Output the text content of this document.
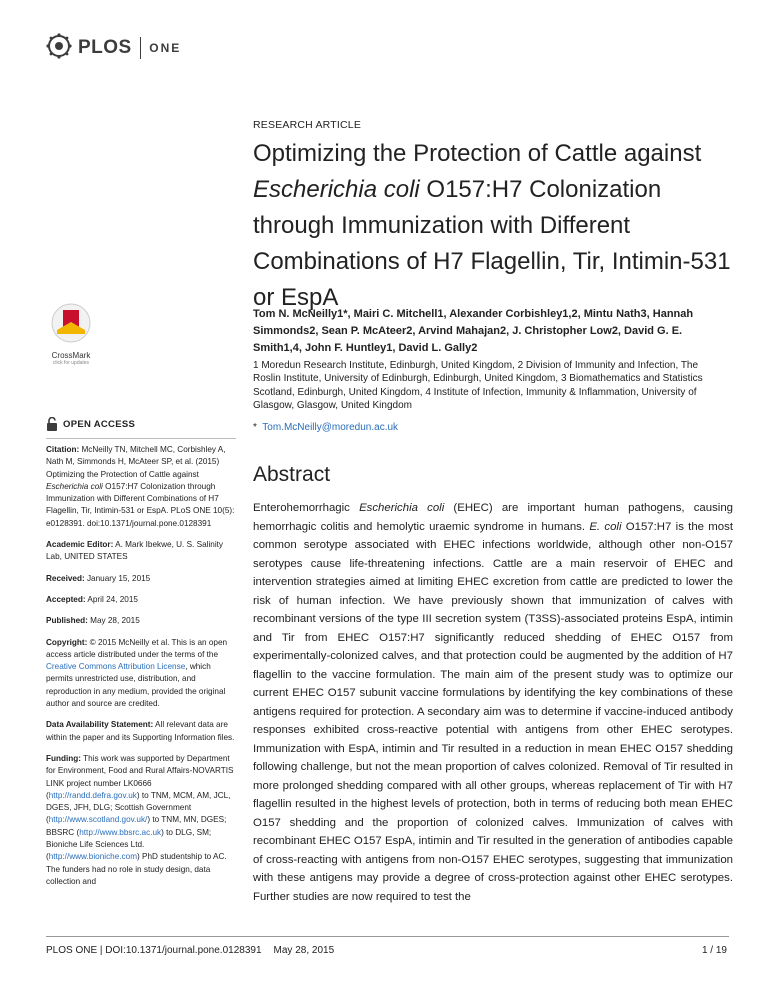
PLOS ONE
RESEARCH ARTICLE
Optimizing the Protection of Cattle against
Escherichia coli O157:H7 Colonization through Immunization with Different Combinations of H7 Flagellin, Tir, Intimin-531 or EspA
Tom N. McNeilly1*, Mairi C. Mitchell1, Alexander Corbishley1,2, Mintu Nath3, Hannah Simmonds2, Sean P. McAteer2, Arvind Mahajan2, J. Christopher Low2, David G. E. Smith1,4, John F. Huntley1, David L. Gally2
1 Moredun Research Institute, Edinburgh, United Kingdom, 2 Division of Immunity and Infection, The Roslin Institute, University of Edinburgh, Edinburgh, United Kingdom, 3 Biomathematics and Statistics Scotland, Edinburgh, United Kingdom, 4 Institute of Infection, Immunity & Inflammation, University of Glasgow, Glasgow, United Kingdom
* Tom.McNeilly@moredun.ac.uk
Abstract
Enterohemorrhagic Escherichia coli (EHEC) are important human pathogens, causing hemorrhagic colitis and hemolytic uraemic syndrome in humans. E. coli O157:H7 is the most common serotype associated with EHEC infections worldwide, although other non-O157 serotypes cause life-threatening infections. Cattle are a main reservoir of EHEC and intervention strategies aimed at limiting EHEC excretion from cattle are predicted to lower the risk of human infection. We have previously shown that immunization of calves with recombinant versions of the type III secretion system (T3SS)-associated proteins EspA, intimin and Tir from EHEC O157:H7 significantly reduced shedding of EHEC O157 from experimentally-colonized calves, and that protection could be augmented by the addition of H7 flagellin to the vaccine formulation. The main aim of the present study was to optimize our current EHEC O157 subunit vaccine formulations by identifying the key combinations of these antigens required for protection. A secondary aim was to determine if vaccine-induced antibody responses exhibited cross-reactive potential with antigens from other EHEC serotypes. Immunization with EspA, intimin and Tir resulted in a reduction in mean EHEC O157 shedding following challenge, but not the mean proportion of calves colonized. Removal of Tir resulted in more prolonged shedding compared with all other groups, whereas replacement of Tir with H7 flagellin resulted in the highest levels of protection, both in terms of reducing both mean EHEC O157 shedding and the proportion of colonized calves. Immunization of calves with recombinant EHEC O157 EspA, intimin and Tir resulted in the generation of antibodies capable of cross-reacting with antigens from non-O157 EHEC serotypes, suggesting that immunization with these antigens may provide a degree of cross-protection against other EHEC serotypes. Further studies are now required to test the
CrossMark
click for updates
OPEN ACCESS

Citation: McNeilly TN, Mitchell MC, Corbishley A, Nath M, Simmonds H, McAteer SP, et al. (2015) Optimizing the Protection of Cattle against Escherichia coli O157:H7 Colonization through Immunization with Different Combinations of H7 Flagellin, Tir, Intimin-531 or EspA. PLoS ONE 10(5): e0128391. doi:10.1371/journal.pone.0128391

Academic Editor: A. Mark Ibekwe, U. S. Salinity Lab, UNITED STATES

Received: January 15, 2015

Accepted: April 24, 2015

Published: May 28, 2015

Copyright: © 2015 McNeilly et al. This is an open access article distributed under the terms of the Creative Commons Attribution License, which permits unrestricted use, distribution, and reproduction in any medium, provided the original author and source are credited.

Data Availability Statement: All relevant data are within the paper and its Supporting Information files.

Funding: This work was supported by Department for Environment, Food and Rural Affairs-NOVARTIS LINK project number LK0666 (http://randd.defra.gov.uk) to TNM, MCM, AM, JCL, DGES, JFH, DLG; Scottish Government (http://www.scotland.gov.uk/) to TNM, MN, DGES; BBSRC (http://www.bbsrc.ac.uk) to DLG, SM; Bioniche Life Sciences Ltd. (http://www.bioniche.com) PhD studentship to AC. The funders had no role in study design, data collection and

PLOS ONE | DOI:10.1371/journal.pone.0128391 May 28, 2015	1 / 19
